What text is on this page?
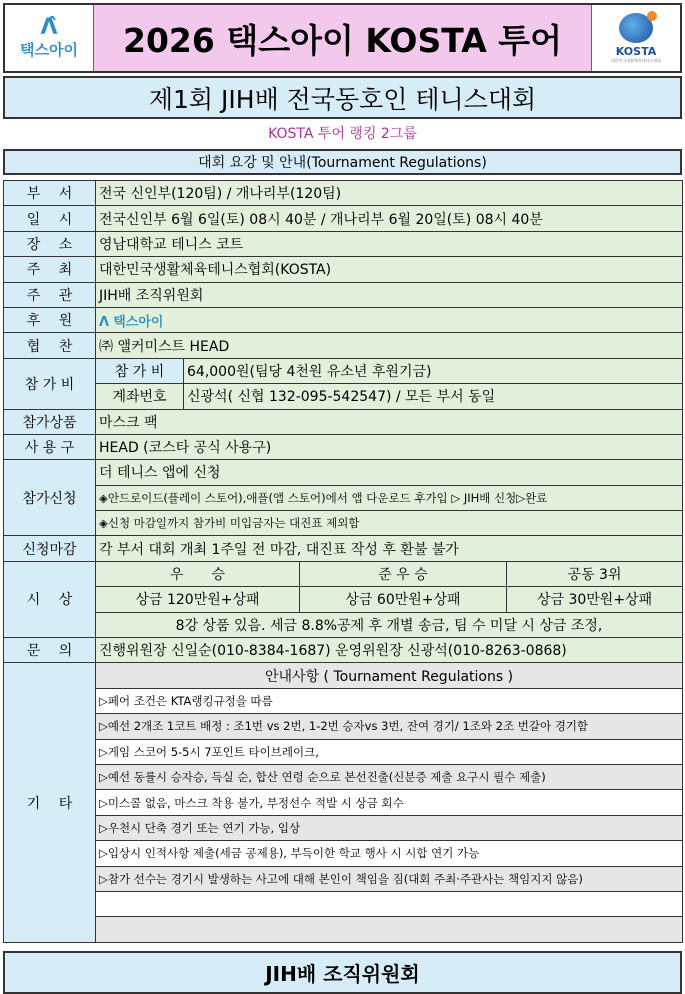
Λ̂
택스아이	2026 택스아이 KOSTA 투어	KOSTA
대한민국생활체육테니스협회
제1회 JIH배 전국동호인 테니스대회
KOSTA 투어 랭킹 2그룹
대회 요강 및 안내(Tournament Regulations)
부　 서	전국 신인부(120팀) / 개나리부(120팀)			
일　 시	전국신인부 6월 6일(토) 08시 40분 / 개나리부 6월 20일(토) 08시 40분			
장　 소	영남대학교 테니스 코트			
주　 최	대한민국생활체육테니스협회(KOSTA)			
주　 관	JIH배 조직위원회			
후　 원	Λ 택스아이			
협　 찬	㈜ 앨커미스트 HEAD			
참 가 비	참 가 비	64,000원(팀당 4천원 유소년 후원기금)		
	계좌번호	신광석( 신협 132-095-542547) / 모든 부서 동일		
참가상품	마스크 팩			
사 용 구	HEAD (코스타 공식 사용구)			
참가신청	더 테니스 앱에 신청			
	◈안드로이드(플레이 스토어),애플(앱 스토어)에서 앱 다운로드 후가입 ▷ JIH배 신청▷완료			
	◈신청 마감일까지 참가비 미입금자는 대진표 제외함			
신청마감	각 부서 대회 개최 1주일 전 마감, 대진표 작성 후 환불 불가			
시　 상	우　　승		준 우 승	공동 3위
	상금 120만원+상패		상금 60만원+상패	상금 30만원+상패
	8강 상품 있음. 세금 8.8%공제 후 개별 송금, 팀 수 미달 시 상금 조정,			
문　 의	진행위원장 신일순(010-8384-1687) 운영위원장 신광석(010-8263-0868)			
기　 타	안내사항 ( Tournament Regulations )			
	▷페어 조건은 KTA랭킹규정을 따름			
	▷예선 2개조 1코트 배정 : 조1번 vs 2번, 1-2번 승자vs 3번, 잔여 경기/ 1조와 2조 번갈아 경기함			
	▷게임 스코어 5-5시 7포인트 타이브레이크,			
	▷예선 동률시 승자승, 득실 순, 합산 연령 순으로 본선진출(신분증 제출 요구시 필수 제출)			
	▷미스콜 없음, 마스크 착용 불가, 부정선수 적발 시 상금 회수			
	▷우천시 단축 경기 또는 연기 가능, 입상			
	▷입상시 인적사항 제출(세금 공제용), 부득이한 학교 행사 시 시합 연기 가능			
	▷참가 선수는 경기시 발생하는 사고에 대해 본인이 책임을 짐(대회 주최·주관사는 책임지지 않음)			

JIH배 조직위원회
